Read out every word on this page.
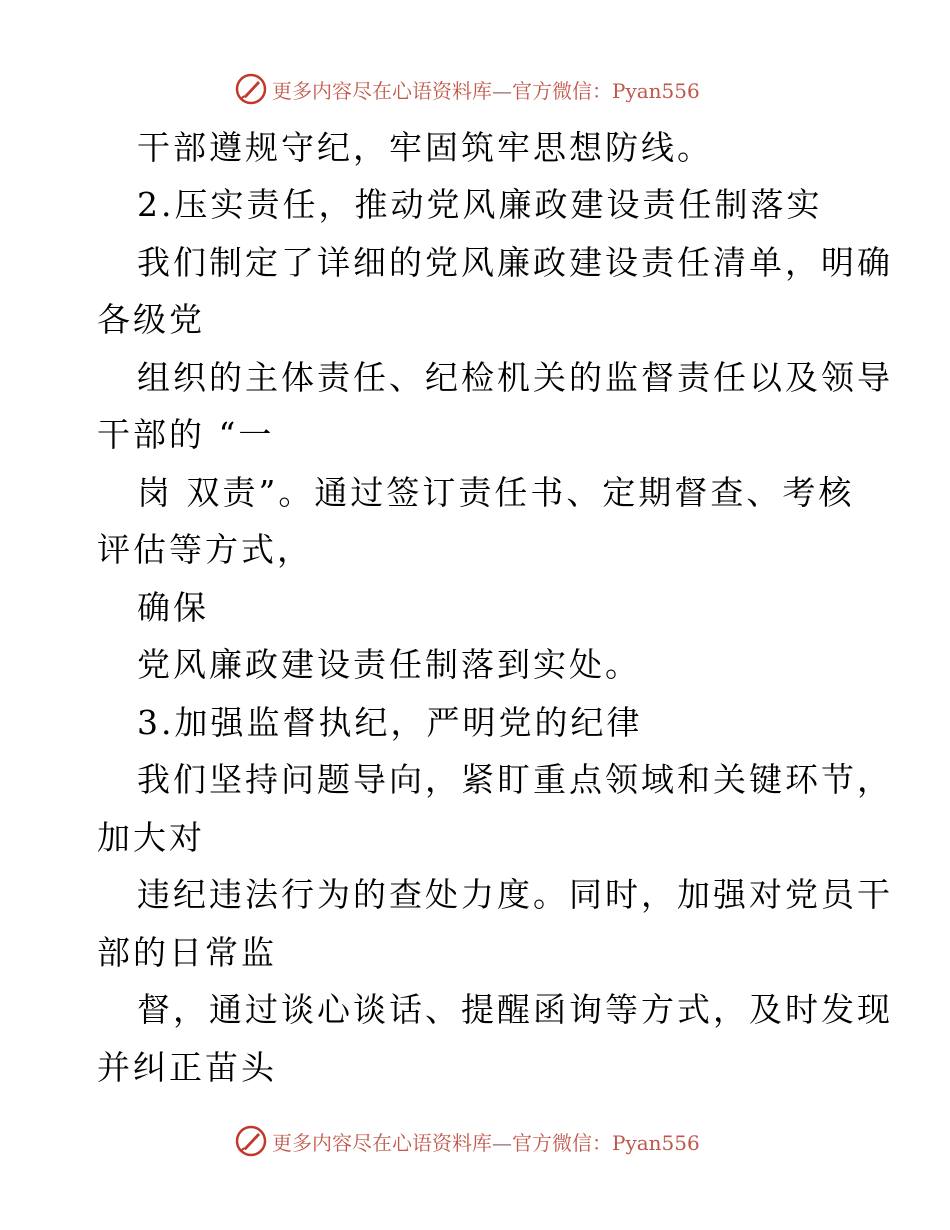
更多内容尽在心语资料库—官方微信：Pyan556
干部遵规守纪，牢固筑牢思想防线。
2.压实责任，推动党风廉政建设责任制落实
我们制定了详细的党风廉政建设责任清单，明确
各级党
组织的主体责任、纪检机关的监督责任以及领导
干部的 “一
岗 双责”。通过签订责任书、定期督查、考核
评估等方式，
确保
党风廉政建设责任制落到实处。
3.加强监督执纪，严明党的纪律
我们坚持问题导向，紧盯重点领域和关键环节，
加大对
违纪违法行为的查处力度。同时，加强对党员干
部的日常监
督，通过谈心谈话、提醒函询等方式，及时发现
并纠正苗头
更多内容尽在心语资料库—官方微信：Pyan556
